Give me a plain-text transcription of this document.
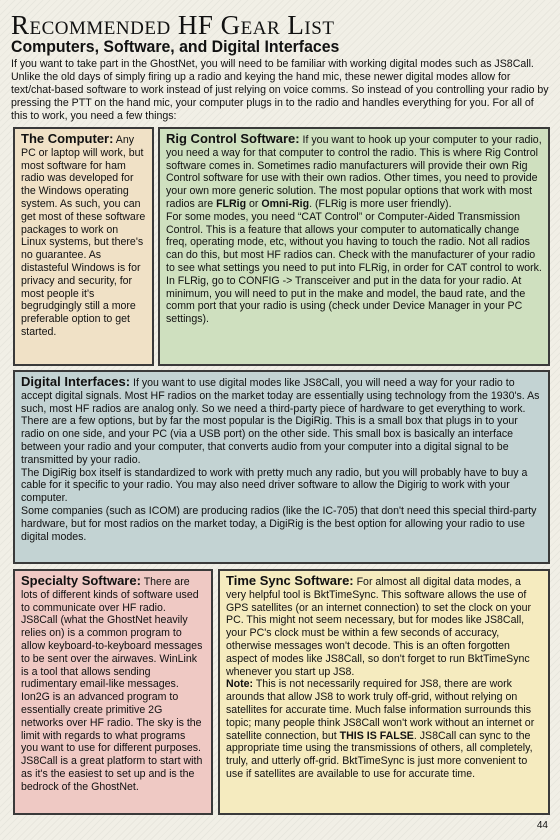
Recommended HF Gear List
Computers, Software, and Digital Interfaces

If you want to take part in the GhostNet, you will need to be familiar with working digital modes such as JS8Call. Unlike the old days of simply firing up a radio and keying the hand mic, these newer digital modes allow for text/chat-based software to work instead of just relying on voice comms. So instead of you controlling your radio by pressing the PTT on the hand mic, your computer plugs in to the radio and handles everything for you. For all of this to work, you need a few things:

The Computer: Any PC or laptop will work, but most software for ham radio was developed for the Windows operating system. As such, you can get most of these software packages to work on Linux systems, but there's no guarantee. As distasteful Windows is for privacy and security, for most people it's begrudgingly still a more preferable option to get started.

Rig Control Software: If you want to hook up your computer to your radio, you need a way for that computer to control the radio. This is where Rig Control software comes in. Sometimes radio manufacturers will provide their own Rig Control software for use with their own radios. Other times, you need to provide your own more generic solution. The most popular options that work with most radios are FLRig or Omni-Rig. (FLRig is more user friendly).

For some modes, you need “CAT Control” or Computer-Aided Transmission Control. This is a feature that allows your computer to automatically change freq, operating mode, etc, without you having to touch the radio. Not all radios can do this, but most HF radios can. Check with the manufacturer of your radio to see what settings you need to put into FLRig, in order for CAT control to work. In FLRig, go to CONFIG -> Transceiver and put in the data for your radio. At minimum, you will need to put in the make and model, the baud rate, and the comm port that your radio is using (check under Device Manager in your PC settings).

Digital Interfaces: If you want to use digital modes like JS8Call, you will need a way for your radio to accept digital signals. Most HF radios on the market today are essentially using technology from the 1930's. As such, most HF radios are analog only. So we need a third-party piece of hardware to get everything to work. There are a few options, but by far the most popular is the DigiRig. This is a small box that plugs in to your radio on one side, and your PC (via a USB port) on the other side. This small box is basically an interface between your radio and your computer, that converts audio from your computer into a digital signal to be transmitted by your radio.

The DigiRig box itself is standardized to work with pretty much any radio, but you will probably have to buy a cable for it specific to your radio. You may also need driver software to allow the Digirig to work with your computer.

Some companies (such as ICOM) are producing radios (like the IC-705) that don't need this special third-party hardware, but for most radios on the market today, a DigiRig is the best option for allowing your radio to use digital modes.

Specialty Software: There are lots of different kinds of software used to communicate over HF radio. JS8Call (what the GhostNet heavily relies on) is a common program to allow keyboard-to-keyboard messages to be sent over the airwaves. WinLink is a tool that allows sending rudimentary email-like messages. Ion2G is an advanced program to essentially create primitive 2G networks over HF radio. The sky is the limit with regards to what programs you want to use for different purposes. JS8Call is a great platform to start with as it's the easiest to set up and is the bedrock of the GhostNet.

Time Sync Software: For almost all digital data modes, a very helpful tool is BktTimeSync. This software allows the use of GPS satellites (or an internet connection) to set the clock on your PC. This might not seem necessary, but for modes like JS8Call, your PC's clock must be within a few seconds of accuracy, otherwise messages won't decode. This is an often forgotten aspect of modes like JS8Call, so don't forget to run BktTimeSync whenever you start up JS8.

Note: This is not necessarily required for JS8, there are work arounds that allow JS8 to work truly off-grid, without relying on satellites for accurate time. Much false information surrounds this topic; many people think JS8Call won't work without an internet or satellite connection, but THIS IS FALSE. JS8Call can sync to the appropriate time using the transmissions of others, all completely, truly, and utterly off-grid. BktTimeSync is just more convenient to use if satellites are available to use for accurate time.

44
